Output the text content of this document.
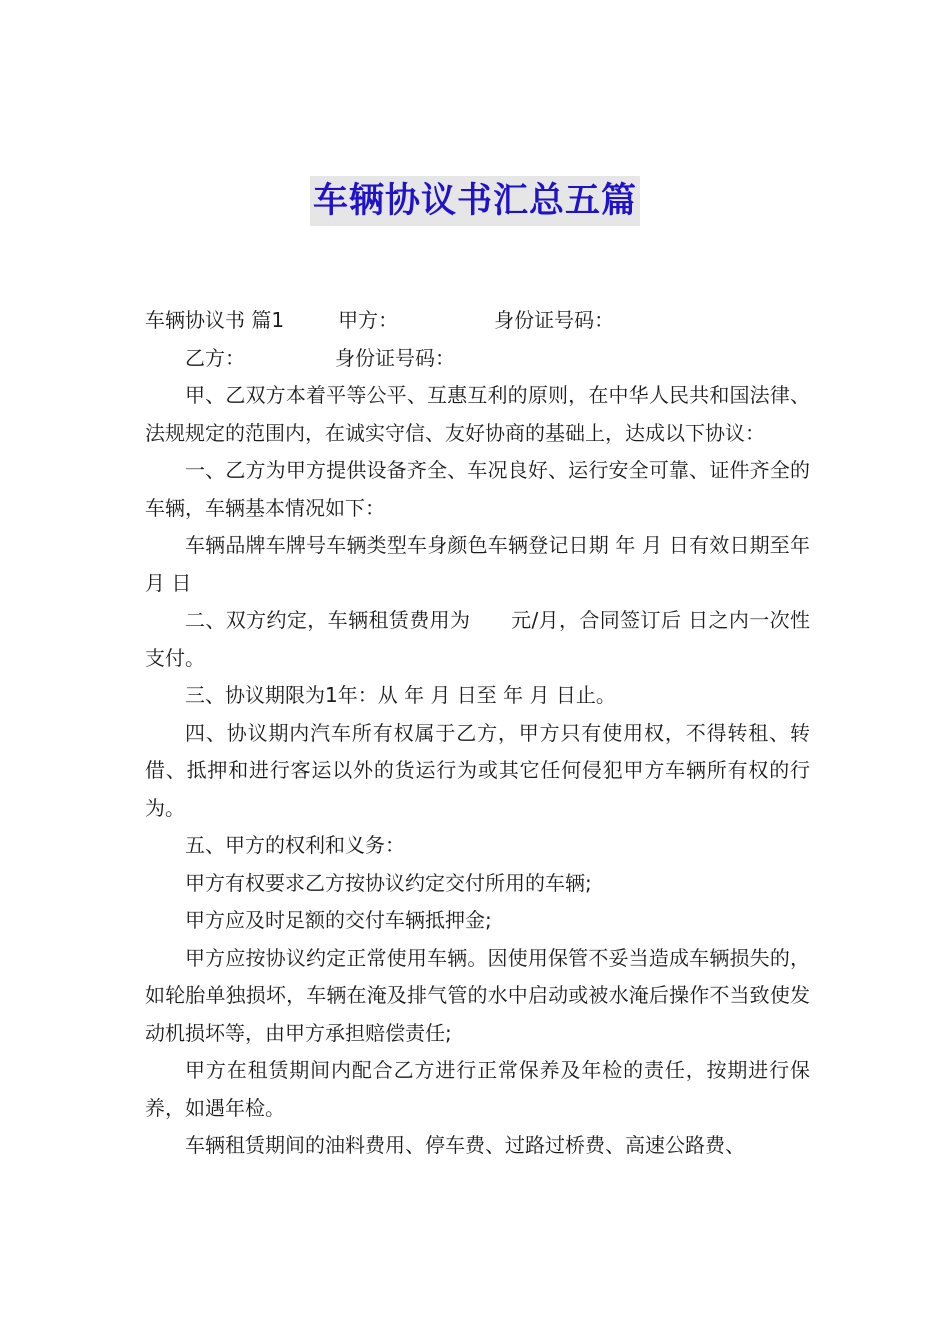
车辆协议书汇总五篇

车辆协议书 篇1	甲方：	身份证号码：

乙方：	身份证号码：

甲、乙双方本着平等公平、互惠互利的原则，在中华人民共和国法律、法规规定的范围内，在诚实守信、友好协商的基础上，达成以下协议：

一、乙方为甲方提供设备齐全、车况良好、运行安全可靠、证件齐全的车辆，车辆基本情况如下：

车辆品牌车牌号车辆类型车身颜色车辆登记日期 年 月 日有效日期至年 月 日

二、双方约定，车辆租赁费用为　　元/月，合同签订后 日之内一次性支付。

三、协议期限为1年：从 年 月 日至 年 月 日止。

四、协议期内汽车所有权属于乙方，甲方只有使用权，不得转租、转借、抵押和进行客运以外的货运行为或其它任何侵犯甲方车辆所有权的行为。

五、甲方的权利和义务：

甲方有权要求乙方按协议约定交付所用的车辆;

甲方应及时足额的交付车辆抵押金;

甲方应按协议约定正常使用车辆。因使用保管不妥当造成车辆损失的，如轮胎单独损坏，车辆在淹及排气管的水中启动或被水淹后操作不当致使发动机损坏等，由甲方承担赔偿责任;

甲方在租赁期间内配合乙方进行正常保养及年检的责任，按期进行保养，如遇年检。

车辆租赁期间的油料费用、停车费、过路过桥费、高速公路费、
